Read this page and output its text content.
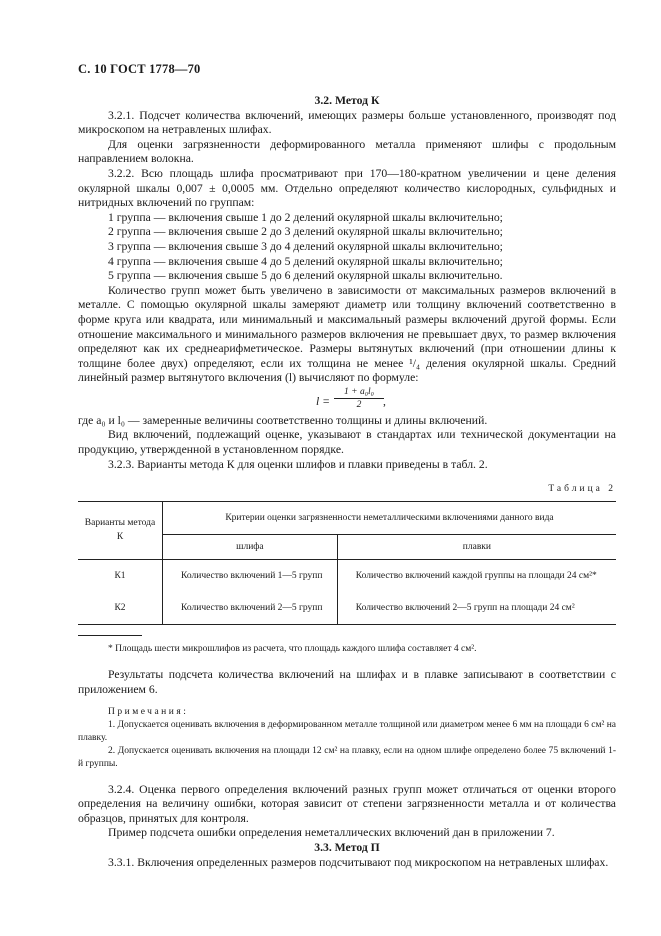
С. 10 ГОСТ 1778—70

3.2. Метод К

3.2.1. Подсчет количества включений, имеющих размеры больше установленного, производят под микроскопом на нетравленых шлифах.

Для оценки загрязненности деформированного металла применяют шлифы с продольным направлением волокна.

3.2.2. Всю площадь шлифа просматривают при 170—180-кратном увеличении и цене деления окулярной шкалы 0,007 ± 0,0005 мм. Отдельно определяют количество кислородных, сульфидных и нитридных включений по группам:

1 группа — включения свыше 1 до 2 делений окулярной шкалы включительно;

2 группа — включения свыше 2 до 3 делений окулярной шкалы включительно;

3 группа — включения свыше 3 до 4 делений окулярной шкалы включительно;

4 группа — включения свыше 4 до 5 делений окулярной шкалы включительно;

5 группа — включения свыше 5 до 6 делений окулярной шкалы включительно.

Количество групп может быть увеличено в зависимости от максимальных размеров включений в металле. С помощью окулярной шкалы замеряют диаметр или толщину включений соответственно в форме круга или квадрата, или минимальный и максимальный размеры включений другой формы. Если отношение максимального и минимального размеров включения не превышает двух, то размер включения определяют как их среднеарифметическое. Размеры вытянутых включений (при отношении длины к толщине более двух) определяют, если их толщина не менее ¹/₄ деления окулярной шкалы. Средний линейный размер вытянутого включения (l) вычисляют по формуле:

$l = \frac{\text{1 + a₀l₀}}{2}$ ,

где a₀ и l₀ — замеренные величины соответственно толщины и длины включений.

Вид включений, подлежащий оценке, указывают в стандартах или технической документации на продукцию, утвержденной в установленном порядке.

3.2.3. Варианты метода К для оценки шлифов и плавки приведены в табл. 2.

Таблица 2
Варианты метода К	Критерии оценки загрязненности неметаллическими включениями данного вида	
	шлифа	плавки
К1	Количество включений 1—5 групп	Количество включений каждой группы на площади 24 см²*
К2	Количество включений 2—5 групп	Количество включений 2—5 групп на площади 24 см²
* Площадь шести микрошлифов из расчета, что площадь каждого шлифа составляет 4 см².

Результаты подсчета количества включений на шлифах и в плавке записывают в соответствии с приложением 6.

Примечания:
1. Допускается оценивать включения в деформированном металле толщиной или диаметром менее 6 мм на площади 6 см² на плавку.
2. Допускается оценивать включения на площади 12 см² на плавку, если на одном шлифе определено более 75 включений 1-й группы.

3.2.4. Оценка первого определения включений разных групп может отличаться от оценки второго определения на величину ошибки, которая зависит от степени загрязненности металла и от количества образцов, принятых для контроля.

Пример подсчета ошибки определения неметаллических включений дан в приложении 7.

3.3. Метод П

3.3.1. Включения определенных размеров подсчитывают под микроскопом на нетравленых шлифах.
